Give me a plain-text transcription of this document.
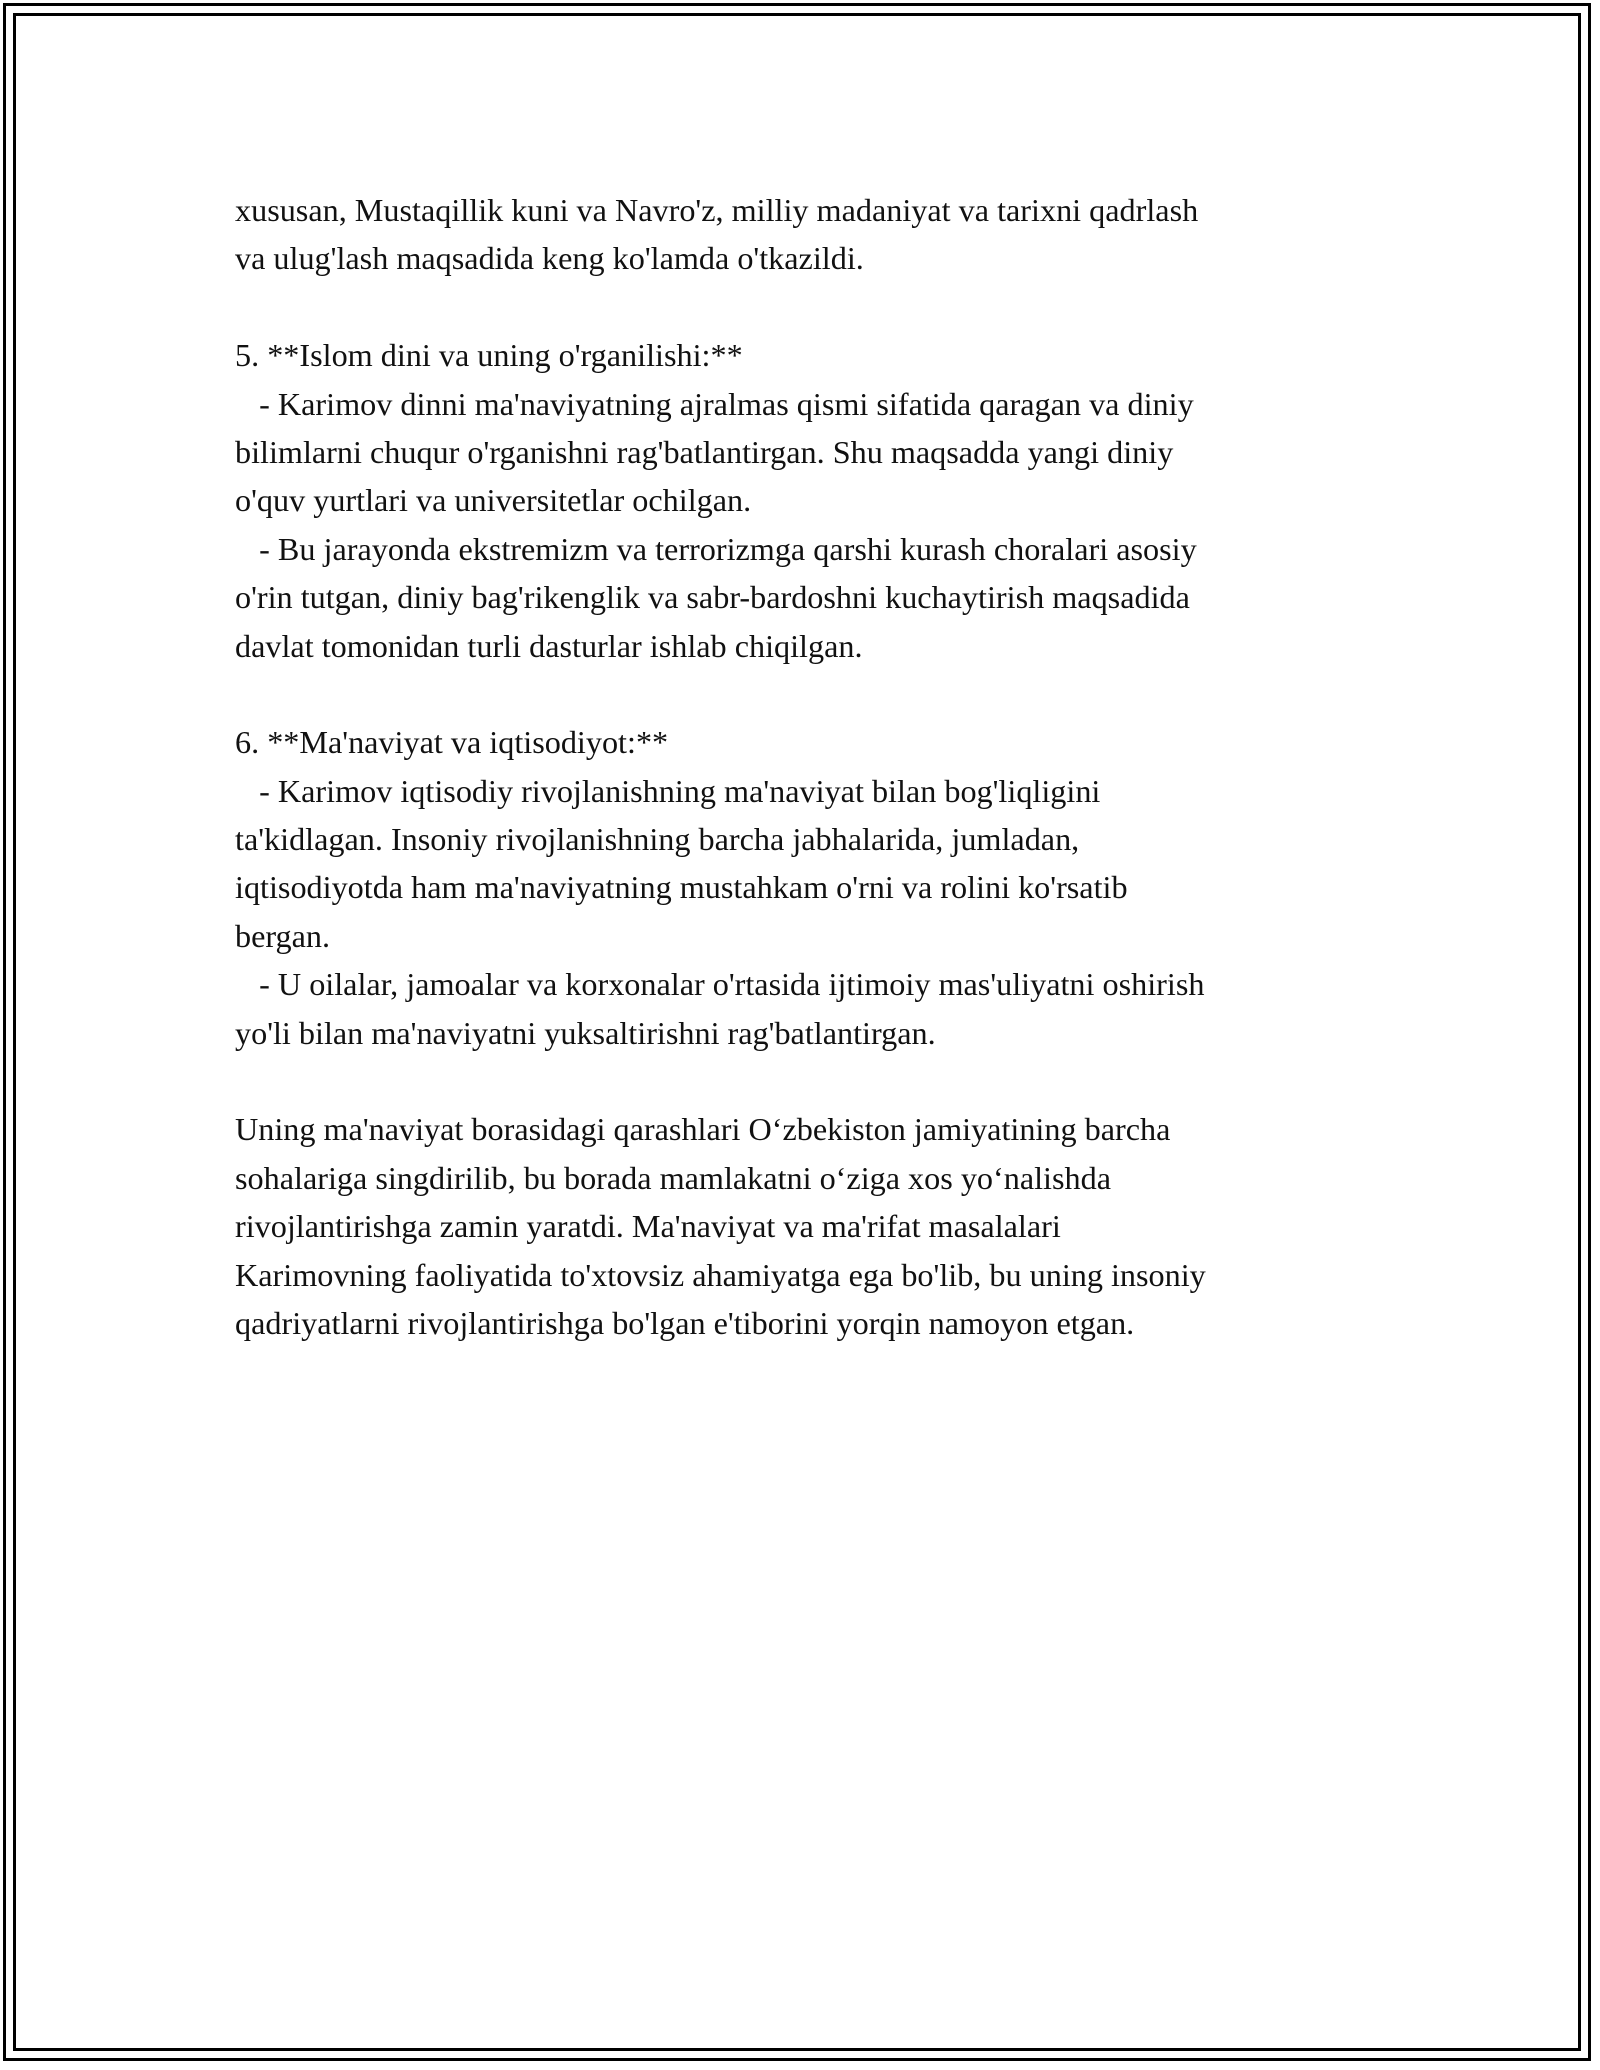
xususan, Mustaqillik kuni va Navro'z, milliy madaniyat va tarixni qadrlash
va ulug'lash maqsadida keng ko'lamda o'tkazildi.
5. **Islom dini va uning o'rganilishi:**
- Karimov dinni ma'naviyatning ajralmas qismi sifatida qaragan va diniy
bilimlarni chuqur o'rganishni rag'batlantirgan. Shu maqsadda yangi diniy
o'quv yurtlari va universitetlar ochilgan.
- Bu jarayonda ekstremizm va terrorizmga qarshi kurash choralari asosiy
o'rin tutgan, diniy bag'rikenglik va sabr-bardoshni kuchaytirish maqsadida
davlat tomonidan turli dasturlar ishlab chiqilgan.
6. **Ma'naviyat va iqtisodiyot:**
- Karimov iqtisodiy rivojlanishning ma'naviyat bilan bog'liqligini
ta'kidlagan. Insoniy rivojlanishning barcha jabhalarida, jumladan,
iqtisodiyotda ham ma'naviyatning mustahkam o'rni va rolini ko'rsatib
bergan.
- U oilalar, jamoalar va korxonalar o'rtasida ijtimoiy mas'uliyatni oshirish
yo'li bilan ma'naviyatni yuksaltirishni rag'batlantirgan.
Uning ma'naviyat borasidagi qarashlari O‘zbekiston jamiyatining barcha
sohalariga singdirilib, bu borada mamlakatni o‘ziga xos yo‘nalishda
rivojlantirishga zamin yaratdi. Ma'naviyat va ma'rifat masalalari
Karimovning faoliyatida to'xtovsiz ahamiyatga ega bo'lib, bu uning insoniy
qadriyatlarni rivojlantirishga bo'lgan e'tiborini yorqin namoyon etgan.
